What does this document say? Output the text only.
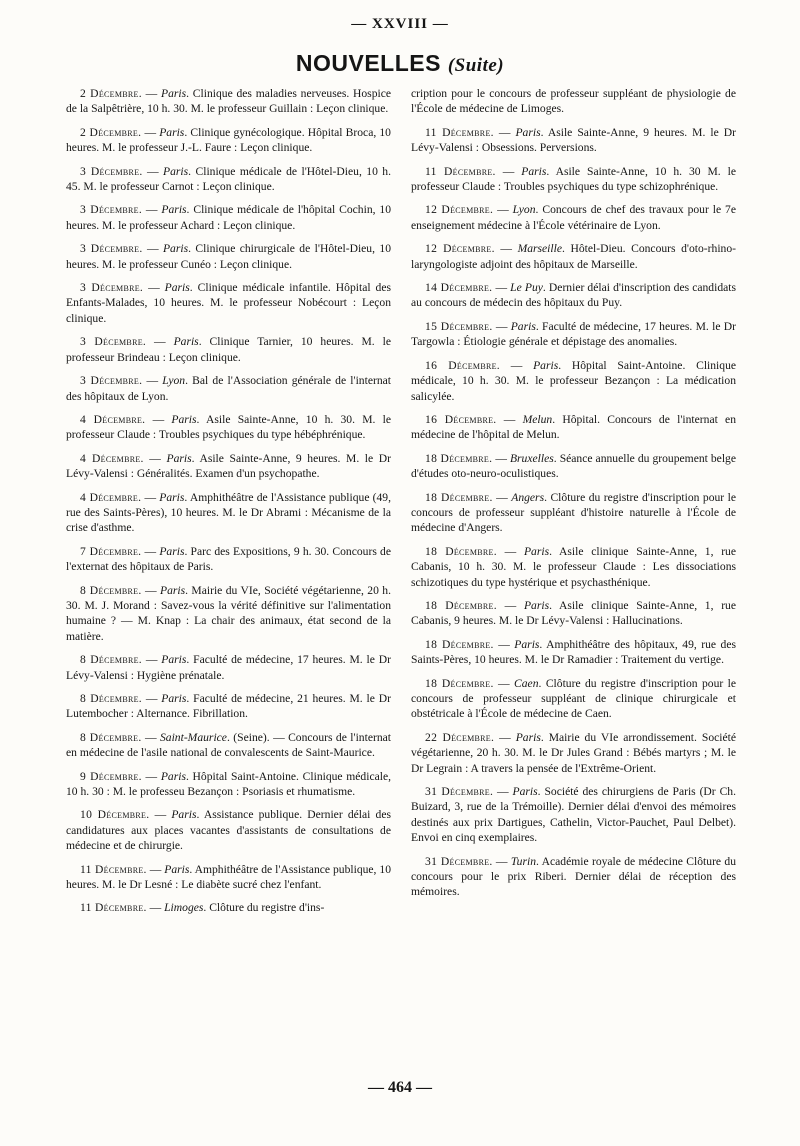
— XXVIII —
NOUVELLES (Suite)

2 Décembre. — Paris. Clinique des maladies nerveuses. Hospice de la Salpêtrière, 10 h. 30. M. le professeur Guillain : Leçon clinique.

2 Décembre. — Paris. Clinique gynécologique. Hôpital Broca, 10 heures. M. le professeur J.-L. Faure : Leçon clinique.

3 Décembre. — Paris. Clinique médicale de l'Hôtel-Dieu, 10 h. 45. M. le professeur Carnot : Leçon clinique.

3 Décembre. — Paris. Clinique médicale de l'hôpital Cochin, 10 heures. M. le professeur Achard : Leçon clinique.

3 Décembre. — Paris. Clinique chirurgicale de l'Hôtel-Dieu, 10 heures. M. le professeur Cunéo : Leçon clinique.

3 Décembre. — Paris. Clinique médicale infantile. Hôpital des Enfants-Malades, 10 heures. M. le professeur Nobécourt : Leçon clinique.

3 Décembre. — Paris. Clinique Tarnier, 10 heures. M. le professeur Brindeau : Leçon clinique.

3 Décembre. — Lyon. Bal de l'Association générale de l'internat des hôpitaux de Lyon.

4 Décembre. — Paris. Asile Sainte-Anne, 10 h. 30. M. le professeur Claude : Troubles psychiques du type hébéphrénique.

4 Décembre. — Paris. Asile Sainte-Anne, 9 heures. M. le Dr Lévy-Valensi : Généralités. Examen d'un psychopathe.

4 Décembre. — Paris. Amphithéâtre de l'Assistance publique (49, rue des Saints-Pères), 10 heures. M. le Dr Abrami : Mécanisme de la crise d'asthme.

7 Décembre. — Paris. Parc des Expositions, 9 h. 30. Concours de l'externat des hôpitaux de Paris.

8 Décembre. — Paris. Mairie du VIe, Société végétarienne, 20 h. 30. M. J. Morand : Savez-vous la vérité définitive sur l'alimentation humaine ? — M. Knap : La chair des animaux, état second de la matière.

8 Décembre. — Paris. Faculté de médecine, 17 heures. M. le Dr Lévy-Valensi : Hygiène prénatale.

8 Décembre. — Paris. Faculté de médecine, 21 heures. M. le Dr Lutembocher : Alternance. Fibrillation.

8 Décembre. — Saint-Maurice. (Seine). — Concours de l'internat en médecine de l'asile national de convalescents de Saint-Maurice.

9 Décembre. — Paris. Hôpital Saint-Antoine. Clinique médicale, 10 h. 30 : M. le professeu Bezançon : Psoriasis et rhumatisme.

10 Décembre. — Paris. Assistance publique. Dernier délai des candidatures aux places vacantes d'assistants de consultations de médecine et de chirurgie.

11 Décembre. — Paris. Amphithéâtre de l'Assistance publique, 10 heures. M. le Dr Lesné : Le diabète sucré chez l'enfant.

11 Décembre. — Limoges. Clôture du registre d'ins-

cription pour le concours de professeur suppléant de physiologie de l'École de médecine de Limoges.

11 Décembre. — Paris. Asile Sainte-Anne, 9 heures. M. le Dr Lévy-Valensi : Obsessions. Perversions.

11 Décembre. — Paris. Asile Sainte-Anne, 10 h. 30 M. le professeur Claude : Troubles psychiques du type schizophrénique.

12 Décembre. — Lyon. Concours de chef des travaux pour le 7e enseignement médecine à l'École vétérinaire de Lyon.

12 Décembre. — Marseille. Hôtel-Dieu. Concours d'oto-rhino-laryngologiste adjoint des hôpitaux de Marseille.

14 Décembre. — Le Puy. Dernier délai d'inscription des candidats au concours de médecin des hôpitaux du Puy.

15 Décembre. — Paris. Faculté de médecine, 17 heures. M. le Dr Targowla : Étiologie générale et dépistage des anomalies.

16 Décembre. — Paris. Hôpital Saint-Antoine. Clinique médicale, 10 h. 30. M. le professeur Bezançon : La médication salicylée.

16 Décembre. — Melun. Hôpital. Concours de l'internat en médecine de l'hôpital de Melun.

18 Décembre. — Bruxelles. Séance annuelle du groupement belge d'études oto-neuro-oculistiques.

18 Décembre. — Angers. Clôture du registre d'inscription pour le concours de professeur suppléant d'histoire naturelle à l'École de médecine d'Angers.

18 Décembre. — Paris. Asile clinique Sainte-Anne, 1, rue Cabanis, 10 h. 30. M. le professeur Claude : Les dissociations schizotiques du type hystérique et psychasthénique.

18 Décembre. — Paris. Asile clinique Sainte-Anne, 1, rue Cabanis, 9 heures. M. le Dr Lévy-Valensi : Hallucinations.

18 Décembre. — Paris. Amphithéâtre des hôpitaux, 49, rue des Saints-Pères, 10 heures. M. le Dr Ramadier : Traitement du vertige.

18 Décembre. — Caen. Clôture du registre d'inscription pour le concours de professeur suppléant de clinique chirurgicale et obstétricale à l'École de médecine de Caen.

22 Décembre. — Paris. Mairie du VIe arrondissement. Société végétarienne, 20 h. 30. M. le Dr Jules Grand : Bébés martyrs ; M. le Dr Legrain : A travers la pensée de l'Extrême-Orient.

31 Décembre. — Paris. Société des chirurgiens de Paris (Dr Ch. Buizard, 3, rue de la Trémoille). Dernier délai d'envoi des mémoires destinés aux prix Dartigues, Cathelin, Victor-Pauchet, Paul Delbet). Envoi en cinq exemplaires.

31 Décembre. — Turin. Académie royale de médecine Clôture du concours pour le prix Riberi. Dernier délai de réception des mémoires.

— 464 —
